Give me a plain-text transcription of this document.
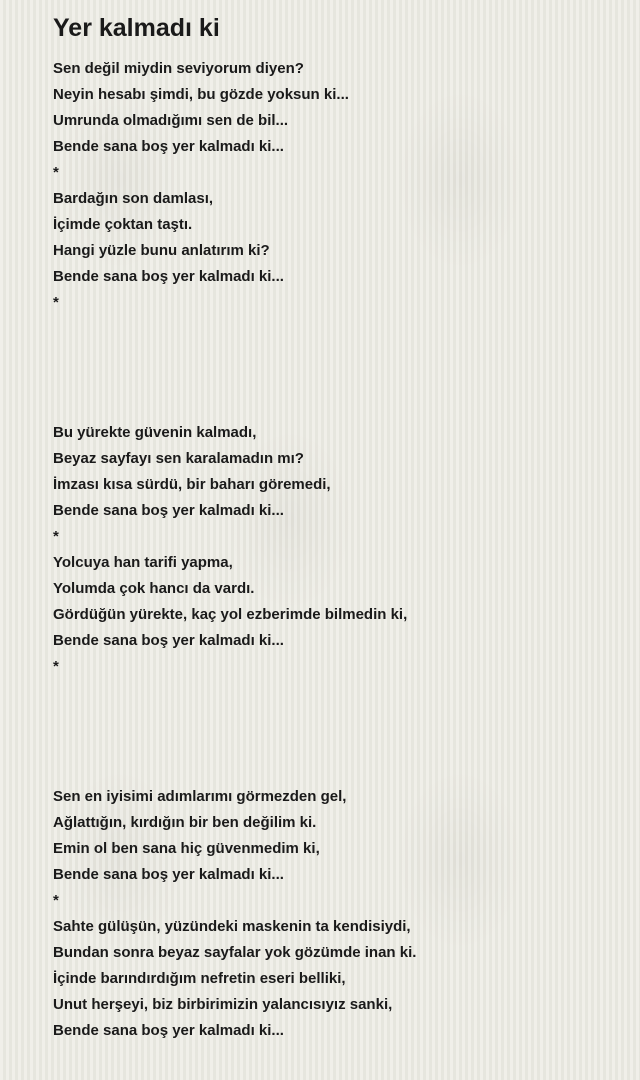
Yer kalmadı ki

Sen değil miydin seviyorum diyen?

Neyin hesabı şimdi, bu gözde yoksun ki...

Umrunda olmadığımı sen de bil...

Bende sana boş yer kalmadı ki...

*

Bardağın son damlası,

İçimde çoktan taştı.

Hangi yüzle bunu anlatırım ki?

Bende sana boş yer kalmadı ki...

*

Bu yürekte güvenin kalmadı,

Beyaz sayfayı sen karalamadın mı?

İmzası kısa sürdü, bir baharı göremedi,

Bende sana boş yer kalmadı ki...

*

Yolcuya han tarifi yapma,

Yolumda çok hancı da vardı.

Gördüğün yürekte, kaç yol ezberimde bilmedin ki,

Bende sana boş yer kalmadı ki...

*

Sen en iyisimi adımlarımı görmezden gel,

Ağlattığın, kırdığın bir ben değilim ki.

Emin ol ben sana hiç güvenmedim ki,

Bende sana boş yer kalmadı ki...

*

Sahte gülüşün, yüzündeki maskenin ta kendisiydi,

Bundan sonra beyaz sayfalar yok gözümde inan ki.

İçinde barındırdığım nefretin eseri belliki,

Unut herşeyi, biz birbirimizin yalancısıyız sanki,

Bende sana boş yer kalmadı ki...
